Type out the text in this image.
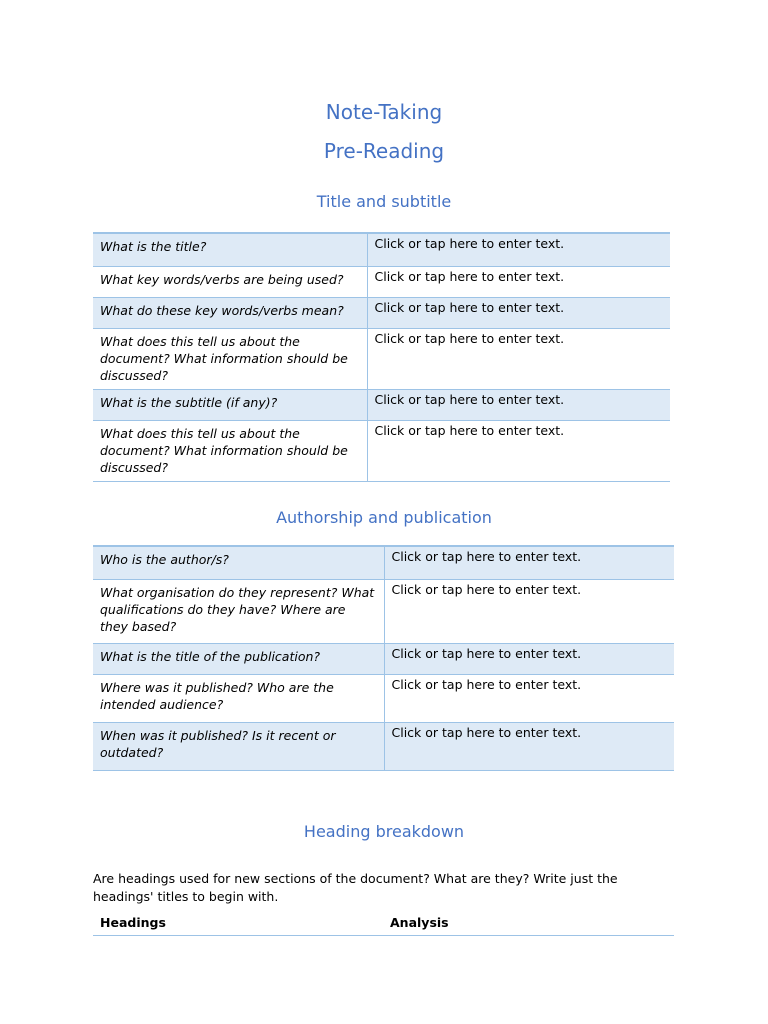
Note-Taking
Pre-Reading
Title and subtitle
What is the title?	Click or tap here to enter text.
What key words/verbs are being used?	Click or tap here to enter text.
What do these key words/verbs mean?	Click or tap here to enter text.
What does this tell us about the document? What information should be discussed?	Click or tap here to enter text.
What is the subtitle (if any)?	Click or tap here to enter text.
What does this tell us about the document? What information should be discussed?	Click or tap here to enter text.
Authorship and publication
Who is the author/s?	Click or tap here to enter text.
What organisation do they represent? What qualifications do they have? Where are they based?	Click or tap here to enter text.
What is the title of the publication?	Click or tap here to enter text.
Where was it published? Who are the intended audience?	Click or tap here to enter text.
When was it published? Is it recent or outdated?	Click or tap here to enter text.
Heading breakdown
Are headings used for new sections of the document? What are they? Write just the headings' titles to begin with.
Headings	Analysis
